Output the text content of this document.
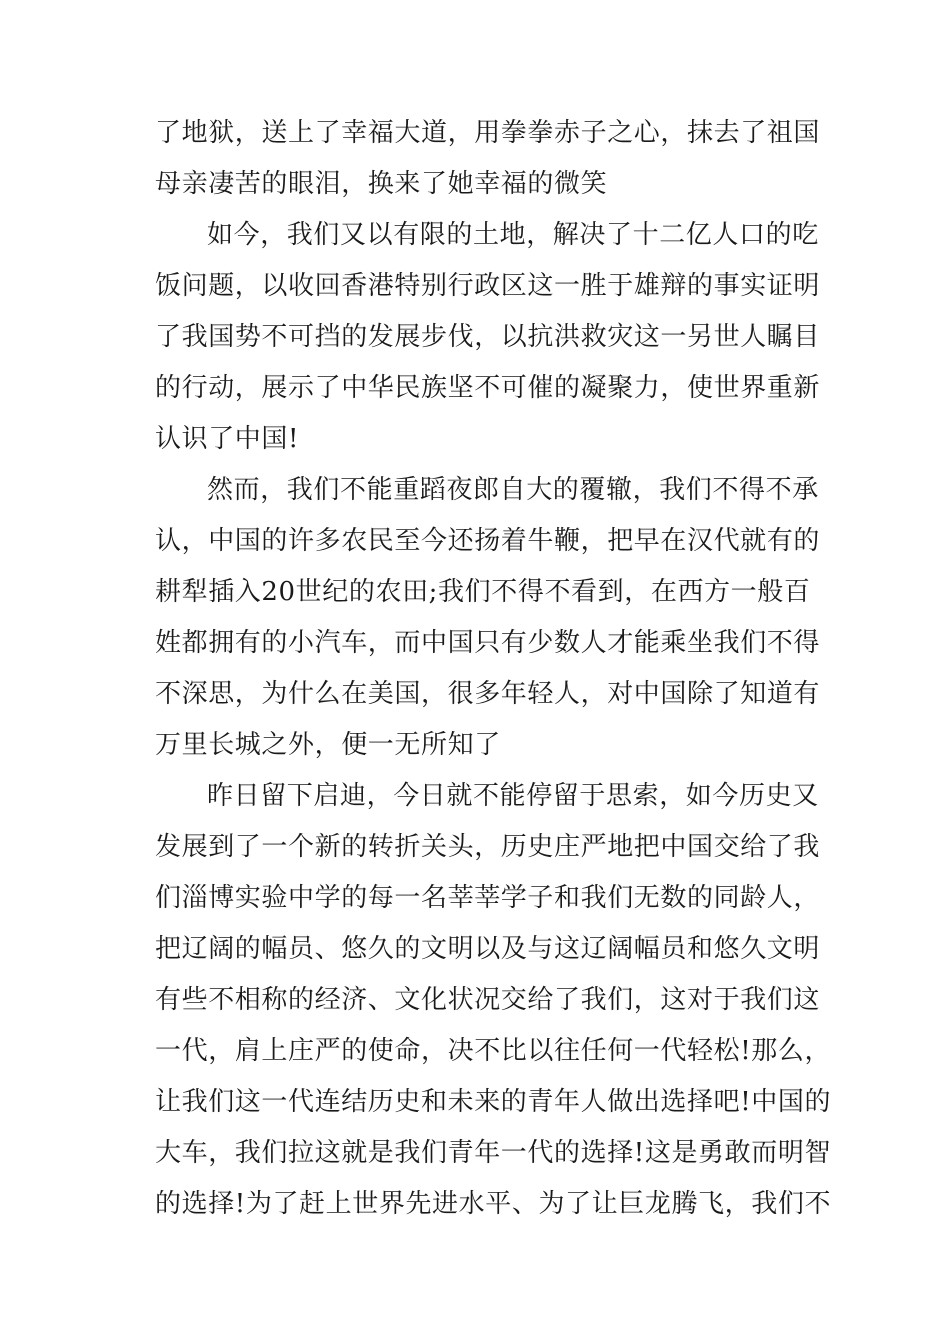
了地狱，送上了幸福大道，用拳拳赤子之心，抹去了祖国
母亲凄苦的眼泪，换来了她幸福的微笑
如今，我们又以有限的土地，解决了十二亿人口的吃
饭问题，以收回香港特别行政区这一胜于雄辩的事实证明
了我国势不可挡的发展步伐，以抗洪救灾这一另世人瞩目
的行动，展示了中华民族坚不可催的凝聚力，使世界重新
认识了中国!
然而，我们不能重蹈夜郎自大的覆辙，我们不得不承
认，中国的许多农民至今还扬着牛鞭，把早在汉代就有的
耕犁插入20世纪的农田;我们不得不看到，在西方一般百
姓都拥有的小汽车，而中国只有少数人才能乘坐我们不得
不深思，为什么在美国，很多年轻人，对中国除了知道有
万里长城之外，便一无所知了
昨日留下启迪，今日就不能停留于思索，如今历史又
发展到了一个新的转折关头，历史庄严地把中国交给了我
们淄博实验中学的每一名莘莘学子和我们无数的同龄人，
把辽阔的幅员、悠久的文明以及与这辽阔幅员和悠久文明
有些不相称的经济、文化状况交给了我们，这对于我们这
一代，肩上庄严的使命，决不比以往任何一代轻松!那么，
让我们这一代连结历史和未来的青年人做出选择吧!中国的
大车，我们拉这就是我们青年一代的选择!这是勇敢而明智
的选择!为了赶上世界先进水平、为了让巨龙腾飞，我们不
